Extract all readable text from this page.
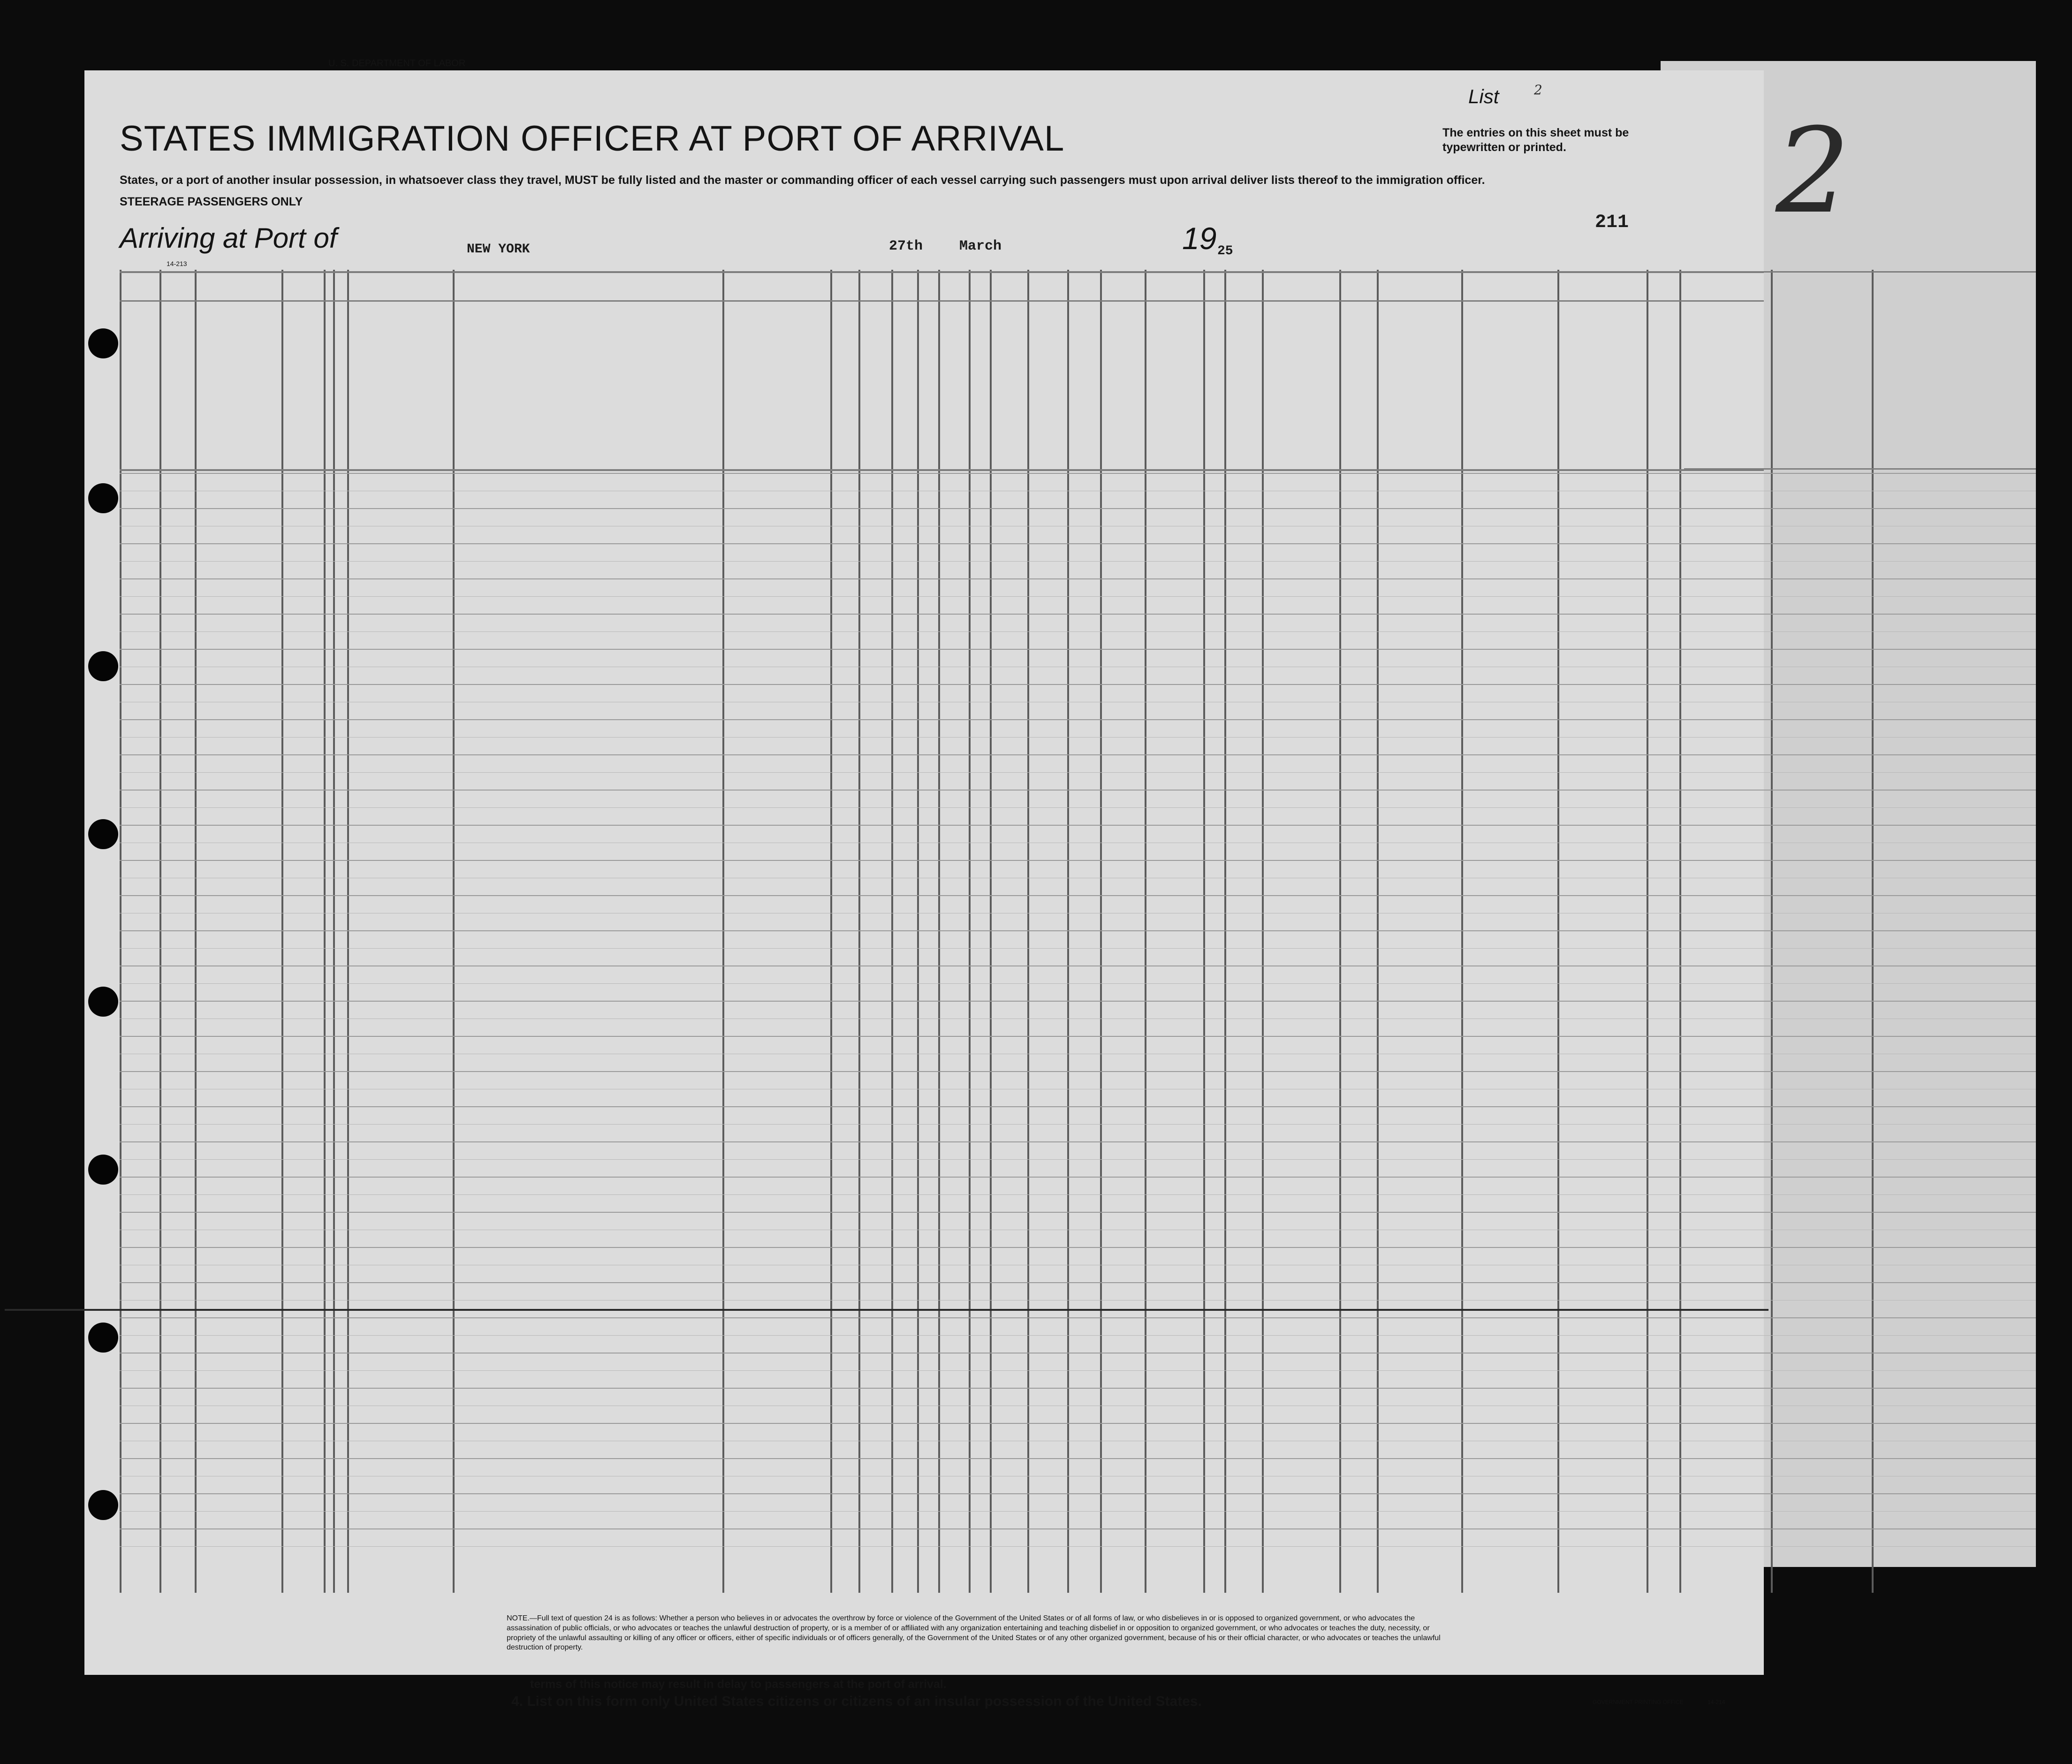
U. S. DEPARTMENT OF LABOR
STATES IMMIGRATION OFFICER AT PORT OF ARRIVAL
List	2
The entries on this sheet must be typewritten or printed.
States, or a port of another insular possession, in whatsoever class they travel, MUST be fully listed and the master or commanding officer of each vessel carrying such passengers must upon arrival deliver lists thereof to the immigration officer.
STEERAGE PASSENGERS ONLY
Arriving at Port of	NEW YORK	27th	March	19 25
211 2
14-213
NOTE.—Full text of question 24 is as follows: Whether a person who believes in or advocates the overthrow by force or violence of the Government of the United States or of all forms of law, or who disbelieves in or is opposed to organized government, or who advocates the assassination of public officials, or who advocates or teaches the unlawful destruction of property, or is a member of or affiliated with any organization entertaining and teaching disbelief in or opposition to organized government, or who advocates or teaches the duty, necessity, or propriety of the unlawful assaulting or killing of any officer or officers, either of specific individuals or of officers generally, of the Government of the United States or of any other organized government, because of his or their official character, or who advocates or teaches the unlawful destruction of property.
terms of this notice may result in delay to passengers at the port of arrival.
4. List on this form only United States citizens or citizens of an insular possession of the United States.	GOVERNMENT PRINTING OFFICE	14-214
